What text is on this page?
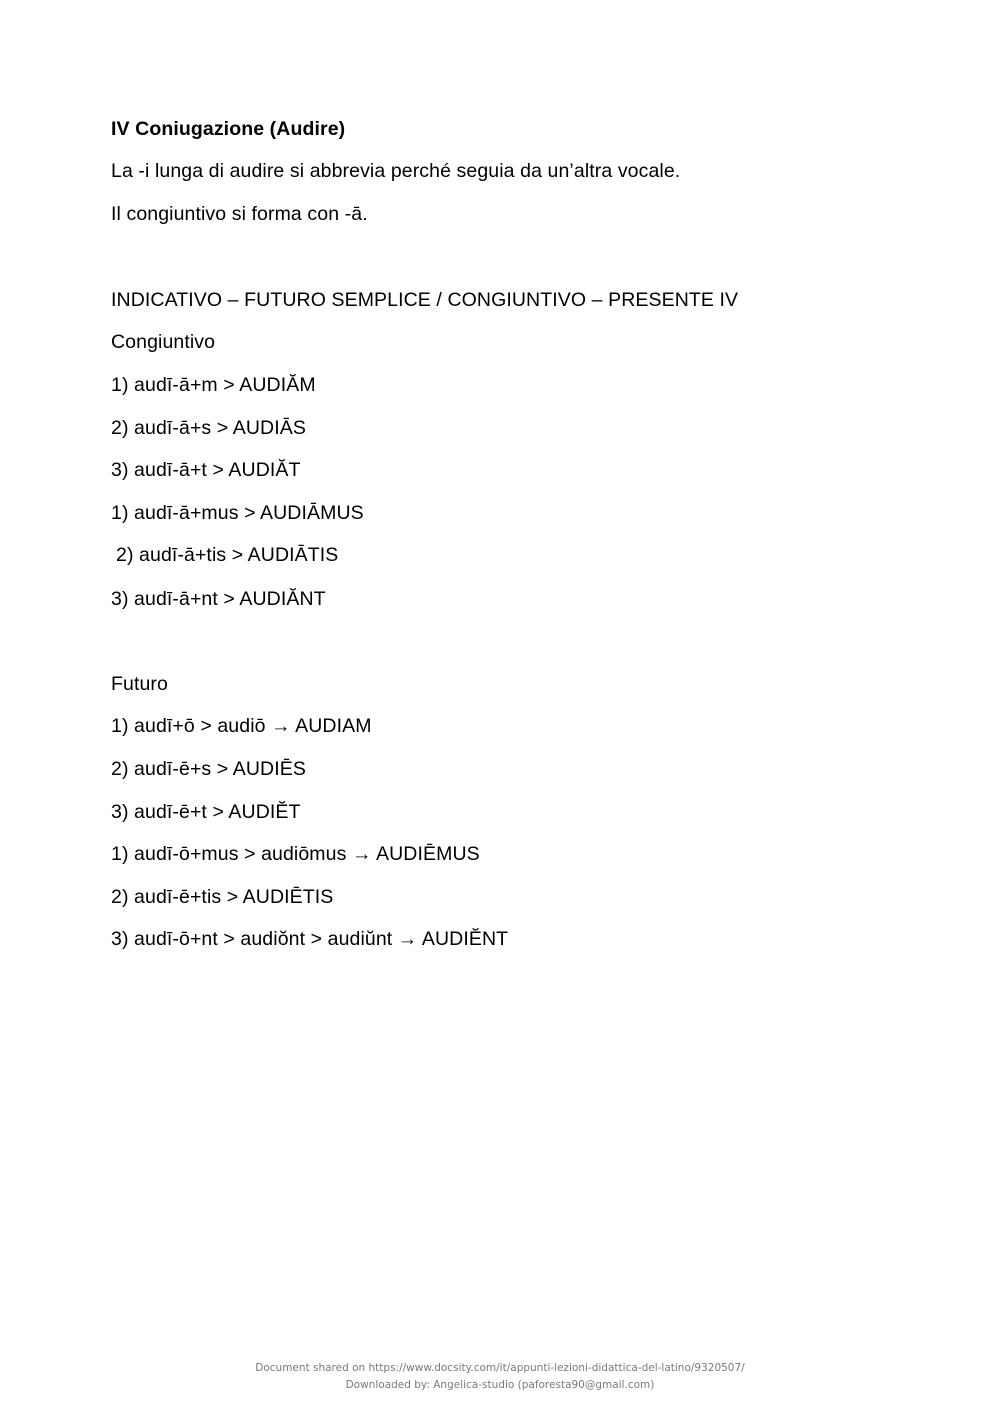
IV Coniugazione (Audire)
La -i lunga di audire si abbrevia perché seguia da un’altra vocale.
Il congiuntivo si forma con -ā.
INDICATIVO – FUTURO SEMPLICE / CONGIUNTIVO – PRESENTE IV
Congiuntivo
1) audī-ā+m > AUDIĂM
2) audī-ā+s > AUDIĀS
3) audī-ā+t > AUDIĂT
1) audī-ā+mus > AUDIĀMUS
2) audī-ā+tis > AUDIĀTIS
3) audī-ā+nt > AUDIĂNT
Futuro
1) audī+ō > audiō → AUDIAM
2) audī-ē+s > AUDIĒS
3) audī-ē+t > AUDIĔT
1) audī-ō+mus > audiōmus → AUDIĒMUS
2) audī-ē+tis > AUDIĒTIS
3) audī-ō+nt > audiŏnt > audiŭnt → AUDIĔNT
Document shared on https://www.docsity.com/it/appunti-lezioni-didattica-del-latino/9320507/
Downloaded by: Angelica-studio (paforesta90@gmail.com)
